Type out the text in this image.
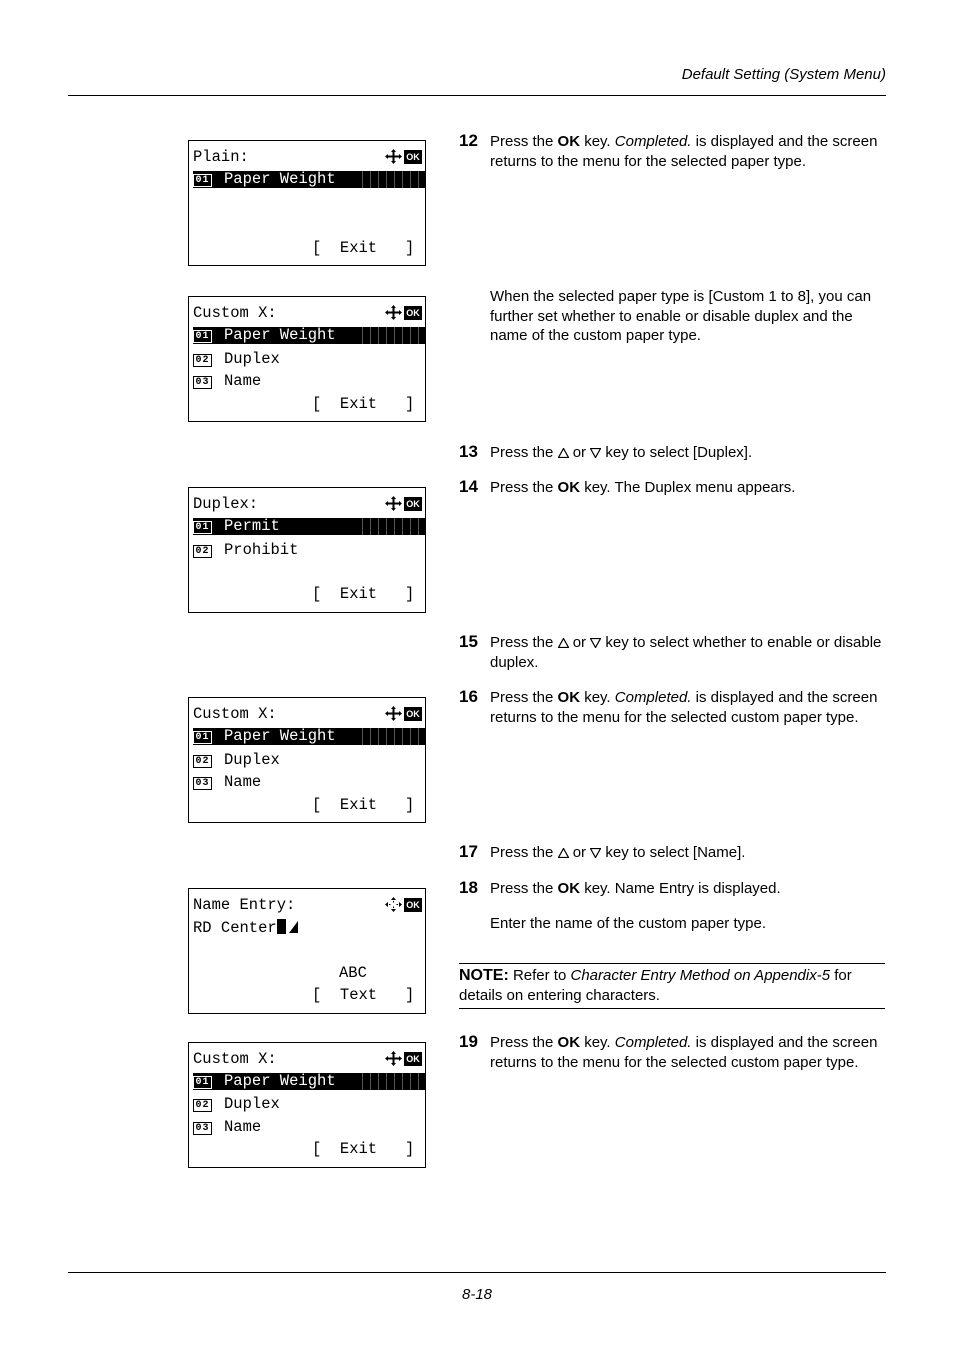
Default Setting (System Menu)
Plain:	OK
01 Paper Weight
[  Exit   ]
12 Press the OK key. Completed. is displayed and the screen returns to the menu for the selected paper type.
Custom X:	OK
01 Paper Weight
02 Duplex
03 Name
[  Exit   ]
When the selected paper type is [Custom 1 to 8], you can further set whether to enable or disable duplex and the name of the custom paper type.
13 Press the  or  key to select [Duplex].
14 Press the OK key. The Duplex menu appears.
Duplex:	OK
01 Permit
02 Prohibit
[  Exit   ]
15 Press the  or  key to select whether to enable or disable duplex.
Custom X:	OK
01 Paper Weight
02 Duplex
03 Name
[  Exit   ]
16 Press the OK key. Completed. is displayed and the screen returns to the menu for the selected custom paper type.
17 Press the  or  key to select [Name].
18 Press the OK key. Name Entry is displayed.
Enter the name of the custom paper type.
Name Entry:	OK
RD Center
ABC
[  Text   ]
NOTE: Refer to Character Entry Method on Appendix-5 for details on entering characters.
Custom X:	OK
01 Paper Weight
02 Duplex
03 Name
[  Exit   ]
19 Press the OK key. Completed. is displayed and the screen returns to the menu for the selected custom paper type.
8-18
